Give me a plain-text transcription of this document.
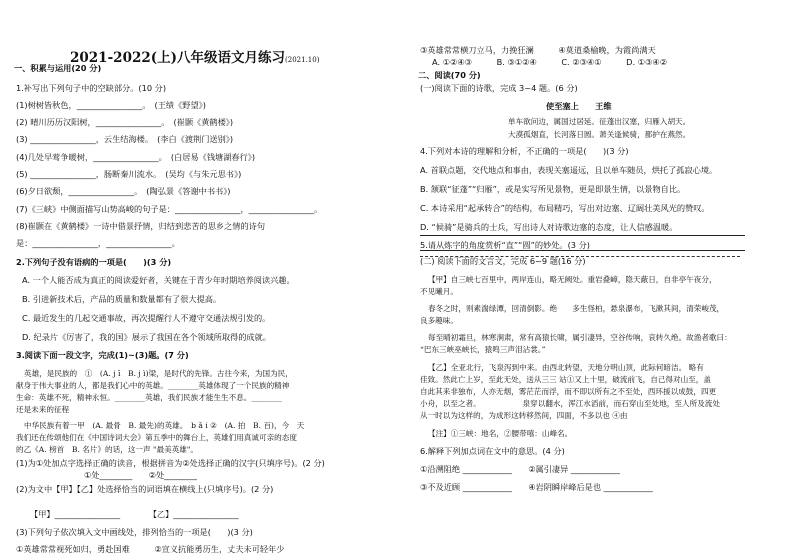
2021-2022(上)八年级语文月练习(2021.10)
一、积累与运用(20 分)
1.补写出下列句子中的空缺部分。(10 分)
(1)树树皆秋色，________________。　(王绩《野望》)
(2) 晴川历历汉阳树，________________。　(崔颢《黄鹤楼》)
(3) ________________，云生结海楼。　(李白《渡荆门送别》)
(4)几处早莺争暖树，________________。　(白居易《钱塘湖春行》)
(5) ________________，肠断秦川流水。　(吴均《与朱元思书》)
(6)夕日欲颓，________________。　(陶弘景《答谢中书书》)
(7)《三峡》中侧面描写山势高峻的句子是：________________，________________。
(8)崔颢在《黄鹤楼》一诗中借景抒情，归结到悲苦的思乡之情的诗句
是：________________，________________。
2.下列句子没有语病的一项是(　　)(3 分)
A. 一个人能否成为真正的阅读爱好者，关键在于青少年时期培养阅读兴趣。
B. 引进新技术后，产品的质量和数量都有了很大提高。
C. 最近发生的几起交通事故，再次提醒行人不遵守交通法规引发的。
D. 纪录片《厉害了，我的国》展示了我国在各个领域所取得的成就。
3.阅读下面一段文字，完成(1)~(3)题。(7 分)
英雄，是民族的　①　(A. j ī　B. j ì)梁，是时代的先锋。古往今来，为国为民，
献身于伟大事业的人，都是我们心中的英雄。________英雄体现了一个民族的精神
生命：英雄不死，精神永恒。________英雄，我们民族才能生生不息。________
还是未来的征程
中华民族有着一甲　(A. 最骨　B. 最先)的英雄。　b ǎ i ②　(A. 拍　B. 百)，今　天
我们还在传颂他们在《中国诗词大会》第五季中的舞台上，英雄们用真诚可亲的态度
的乙《A. 榜首　B. 名片》的话，这一声 "最美英雄"。
(1)为①处加点字选择正确的读音，根据拼音为②处选择正确的汉字(只填序号)。(2 分)
①处________　　②处________
(2)为文中【甲】【乙】处选择恰当的词语填在横线上(只填序号)。(2 分)
【甲】________________　　　　【乙】________________
(3)下列句子依次填入文中画线处，排列恰当的一项是(　　)(3 分)
①英雄常常视死如归，勇赴国难　　　②宣义抗能勇历生，丈夫未可轻年少
③英雄常常横刀立马，力挽狂澜　　　④莫道桑榆晚，为霞尚满天
A. ①②④③　　　B. ③①②④　　　C. ②③④①　　　D. ①③④②
二、阅读(70 分)
(一)阅读下面的诗歌，完成 3~4 题。(6 分)
使至塞上　　王维
单车欲问边，属国过居延。征蓬出汉塞，归雁入胡天。
大漠孤烟直，长河落日圆。萧关逢候骑，都护在燕然。
4.下列对本诗的理解和分析，不正确的一项是(　　)(3 分)
A. 首联点题，交代地点和事由，表现关塞遥远，且以单车随员，烘托了孤寂心境。
B. 颔联“征蓬”“归雁”，或是实写所见景物，更是即景生情，以景物自比。
C. 本诗采用“起承转合”的结构，布局精巧，写出对边塞、辽阔壮美风光的赞叹。
D. “候骑”是骑兵的士兵，写出诗人对诗歌边塞的态度，让人信感温暖。
5.请从炼字的角度赏析“直”“圆”的妙处。(3 分)
(二) 阅读下面的文言文，完成 6~9 题(16 分)
【甲】自三峡七百里中，两岸连山，略无阙处。重岩叠嶂，隐天蔽日，自非亭午夜分，
不见曦月。
春冬之时，则素湍绿潭，回清倒影。绝　　多生怪柏，悬泉瀑布，飞漱其间，清荣峻茂，
良多趣味。
每至晴初霜旦，林寒涧肃，常有高猿长啸，属引凄异，空谷传响，哀转久绝。故渔者歌曰：
“巴东三峡巫峡长，猿鸣三声泪沾裳。”
【乙】全亚北行，飞泉泻到中来。由西北转望，天地分明山顶，此际何暗洁。 略有
佳致。然此亡上岁，至此无处，送从三三 站①又上十里，破流前飞，自己得对山至，盖
自此其来非独布，人亦无烟，雾茫茫而浮，而不即以所有之不至处，西环援以成鼓，四更
小舟，以至之者。　　　　　　泉穿以翻水，浑江水滔前，而石穿山至处地，至人所及流处
从一时以为这样的，为成形这转移然间，四面，不多以也 ④由
【注】①三峡：地名，②腰带嘻：山峰名。
6.解释下列加点词在文中的意思。(4 分)
①沿溯阻绝 ____________　　②属引凄异 ____________
③不及近顾 ____________　　④岩阴瞬岸峰后是也 ____________
